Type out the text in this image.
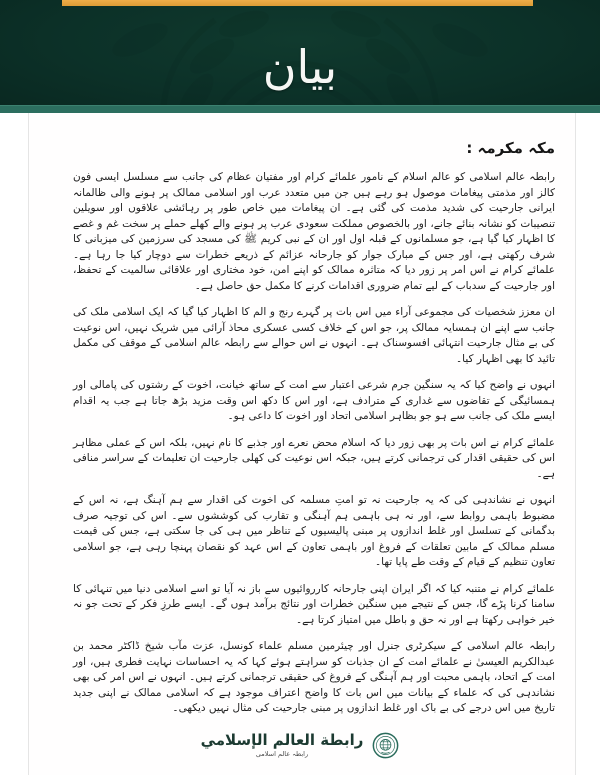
بيان
مکہ مکرمہ :

رابطہ عالم اسلامی کو عالم اسلام کے نامور علمائے کرام اور مفتیان عظام کی جانب سے مسلسل ایسی فون کالز اور مذمتی پیغامات موصول ہو رہے ہیں جن میں متعدد عرب اور اسلامی ممالک پر ہونے والی ظالمانہ ایرانی جارحیت کی شدید مذمت کی گئی ہے۔ ان پیغامات میں خاص طور پر رہائشی علاقوں اور سویلین تنصیبات کو نشانہ بنائے جانے، اور بالخصوص مملکت سعودی عرب پر ہونے والے کھلے حملے پر سخت غم و غصے کا اظہار کیا گیا ہے، جو مسلمانوں کے قبلہ اول اور ان کے نبی کریم ﷺ کی مسجد کی سرزمین کی میزبانی کا شرف رکھتی ہے، اور جس کے مبارک جوار کو جارحانہ عزائم کے ذریعے خطرات سے دوچار کیا جا رہا ہے۔ علمائے کرام نے اس امر پر زور دیا کہ متاثرہ ممالک کو اپنے امن، خود مختاری اور علاقائی سالمیت کے تحفظ، اور جارحیت کے سدباب کے لیے تمام ضروری اقدامات کرنے کا مکمل حق حاصل ہے۔

ان معزز شخصیات کی مجموعی آراء میں اس بات پر گہرے رنج و الم کا اظہار کیا گیا کہ ایک اسلامی ملک کی جانب سے اپنے ان ہمسایہ ممالک پر، جو اس کے خلاف کسی عسکری محاذ آرائی میں شریک نہیں، اس نوعیت کی بے مثال جارحیت انتہائی افسوسناک ہے۔ انہوں نے اس حوالے سے رابطہ عالم اسلامی کے موقف کی مکمل تائید کا بھی اظہار کیا۔

انہوں نے واضح کیا کہ یہ سنگین جرم شرعی اعتبار سے امت کے ساتھ خیانت، اخوت کے رشتوں کی پامالی اور ہمسائیگی کے تقاضوں سے غداری کے مترادف ہے، اور اس کا دکھ اس وقت مزید بڑھ جاتا ہے جب یہ اقدام ایسے ملک کی جانب سے ہو جو بظاہر اسلامی اتحاد اور اخوت کا داعی ہو۔

علمائے کرام نے اس بات پر بھی زور دیا کہ اسلام محض نعرے اور جذبے کا نام نہیں، بلکہ اس کے عملی مظاہر اس کی حقیقی اقدار کی ترجمانی کرتے ہیں، جبکہ اس نوعیت کی کھلی جارحیت ان تعلیمات کے سراسر منافی ہے۔

انہوں نے نشاندہی کی کہ یہ جارحیت نہ تو امتِ مسلمہ کی اخوت کی اقدار سے ہم آہنگ ہے، نہ اس کے مضبوط باہمی روابط سے، اور نہ ہی باہمی ہم آہنگی و تقارب کی کوششوں سے۔ اس کی توجیہ صرف بدگمانی کے تسلسل اور غلط اندازوں پر مبنی پالیسیوں کے تناظر میں ہی کی جا سکتی ہے، جس کی قیمت مسلم ممالک کے مابین تعلقات کے فروغ اور باہمی تعاون کے اس عہد کو نقصان پہنچا رہی ہے، جو اسلامی تعاون تنظیم کے قیام کے وقت طے پایا تھا۔

علمائے کرام نے متنبہ کیا کہ اگر ایران اپنی جارحانہ کارروائیوں سے باز نہ آیا تو اسے اسلامی دنیا میں تنہائی کا سامنا کرنا پڑے گا، جس کے نتیجے میں سنگین خطرات اور نتائج برآمد ہوں گے۔ ایسے طرزِ فکر کے تحت جو نہ خیر خواہی رکھتا ہے اور نہ حق و باطل میں امتیاز کرتا ہے۔

رابطہ عالم اسلامی کے سیکرٹری جنرل اور چیئرمین مسلم علماء کونسل، عزت مآب شیخ ڈاکٹر محمد بن عبدالکریم العیسیٰ نے علمائے امت کے ان جذبات کو سراہتے ہوئے کہا کہ یہ احساسات نہایت فطری ہیں، اور امت کے اتحاد، باہمی محبت اور ہم آہنگی کے فروغ کی حقیقی ترجمانی کرتے ہیں۔ انہوں نے اس امر کی بھی نشاندہی کی کہ علماء کے بیانات میں اس بات کا واضح اعتراف موجود ہے کہ اسلامی ممالک نے اپنی جدید تاریخ میں اس درجے کی بے باک اور غلط اندازوں پر مبنی جارحیت کی مثال نہیں دیکھی۔

رابطة العالم الإسلامي
رابطہ عالم اسلامی
